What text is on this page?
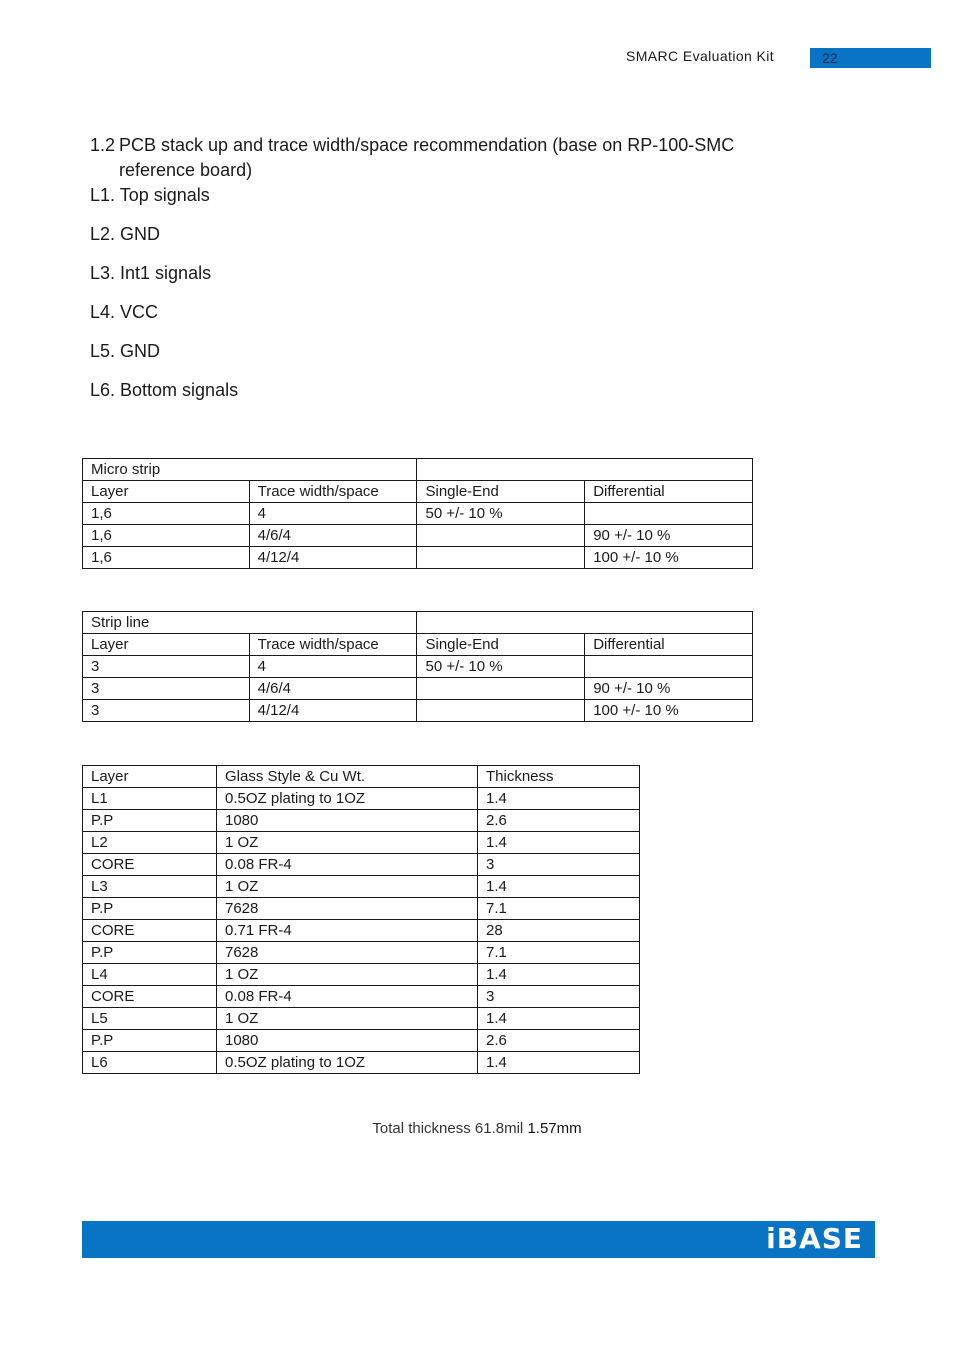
SMARC Evaluation Kit	22
1.2 PCB stack up and trace width/space recommendation (base on RP-100-SMC reference board)
L1. Top signals
L2. GND
L3. Int1 signals
L4. VCC
L5. GND
L6. Bottom signals
Micro strip			
Layer	Trace width/space	Single-End	Differential
1,6	4	50 +/- 10 %	
1,6	4/6/4		90 +/- 10 %
1,6	4/12/4		100 +/- 10 %
Strip line			
Layer	Trace width/space	Single-End	Differential
3	4	50 +/- 10 %	
3	4/6/4		90 +/- 10 %
3	4/12/4		100 +/- 10 %
Layer	Glass Style & Cu Wt.	Thickness
L1	0.5OZ plating to 1OZ	1.4
P.P	1080	2.6
L2	1 OZ	1.4
CORE	0.08 FR-4	3
L3	1 OZ	1.4
P.P	7628	7.1
CORE	0.71 FR-4	28
P.P	7628	7.1
L4	1 OZ	1.4
CORE	0.08 FR-4	3
L5	1 OZ	1.4
P.P	1080	2.6
L6	0.5OZ plating to 1OZ	1.4
Total thickness 61.8mil 1.57mm
iBASE
